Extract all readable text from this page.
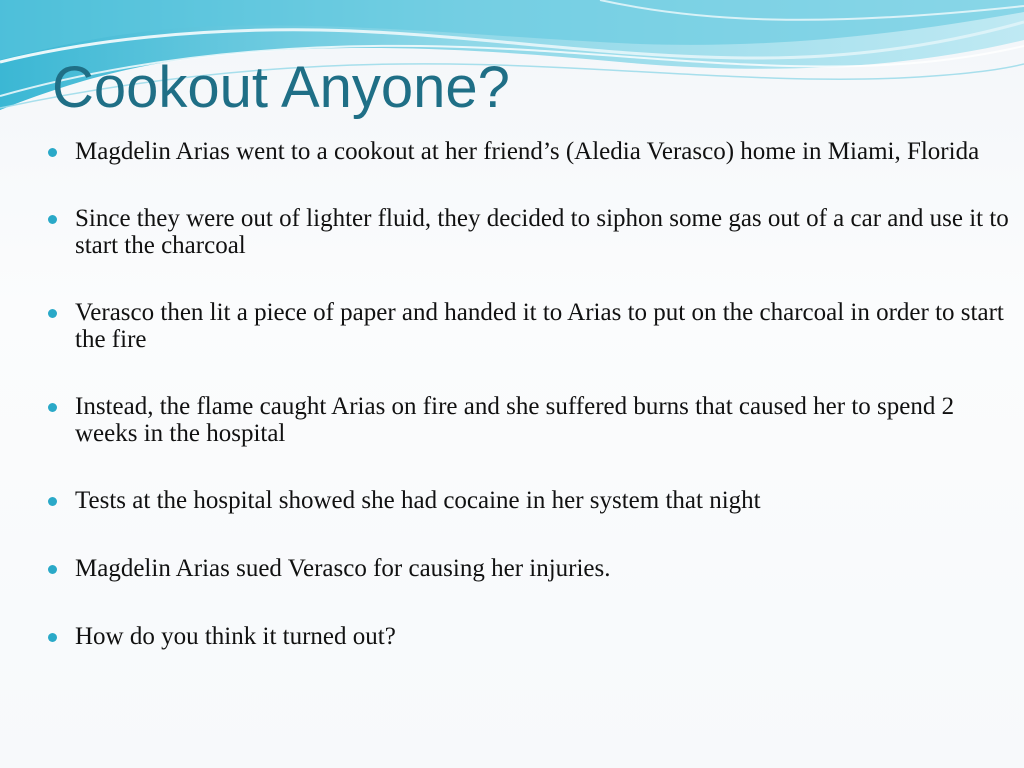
Cookout Anyone?
Magdelin Arias went to a cookout at her friend’s (Aledia Verasco) home in Miami, Florida
Since they were out of lighter fluid, they decided to siphon some gas out of a car and use it to start the charcoal
Verasco then lit a piece of paper and handed it to Arias to put on the charcoal in order to start the fire
Instead, the flame caught Arias on fire and she suffered burns that caused her to spend 2 weeks in the hospital
Tests at the hospital showed she had cocaine in her system that night
Magdelin Arias sued Verasco for causing her injuries.
How do you think it turned out?
